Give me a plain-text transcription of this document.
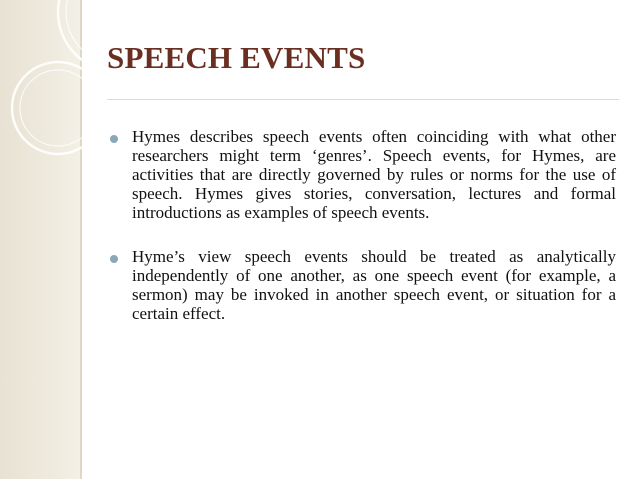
SPEECH EVENTS
Hymes describes speech events often coinciding with what other researchers might term ‘genres’. Speech events, for Hymes, are activities that are directly governed by rules or norms for the use of speech. Hymes gives stories, conversation, lectures and formal introductions as examples of speech events.
Hyme’s view speech events should be treated as analytically independently of one another, as one speech event (for example, a sermon) may be invoked in another speech event, or situation for a certain effect.
